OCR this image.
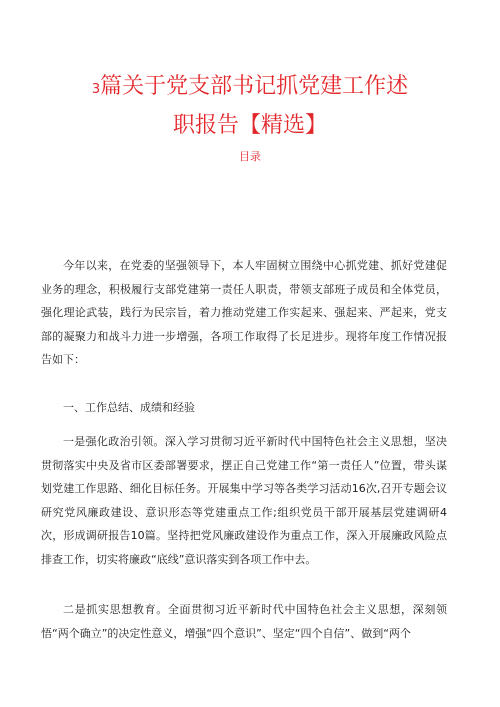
3篇关于党支部书记抓党建工作述
职报告【精选】
目录

今年以来，在党委的坚强领导下，本人牢固树立围绕中心抓党建、抓好党建促业务的理念，积极履行支部党建第一责任人职责，带领支部班子成员和全体党员，强化理论武装，践行为民宗旨，着力推动党建工作实起来、强起来、严起来，党支部的凝聚力和战斗力进一步增强，各项工作取得了长足进步。现将年度工作情况报告如下：

一、工作总结、成绩和经验

一是强化政治引领。深入学习贯彻习近平新时代中国特色社会主义思想，坚决贯彻落实中央及省市区委部署要求，摆正自己党建工作“第一责任人”位置，带头谋划党建工作思路、细化目标任务。开展集中学习等各类学习活动16次,召开专题会议研究党风廉政建设、意识形态等党建重点工作;组织党员干部开展基层党建调研4次，形成调研报告10篇。坚持把党风廉政建设作为重点工作，深入开展廉政风险点排查工作，切实将廉政“底线”意识落实到各项工作中去。

二是抓实思想教育。全面贯彻习近平新时代中国特色社会主义思想，深刻领悟“两个确立”的决定性意义，增强“四个意识”、坚定“四个自信”、做到“两个
